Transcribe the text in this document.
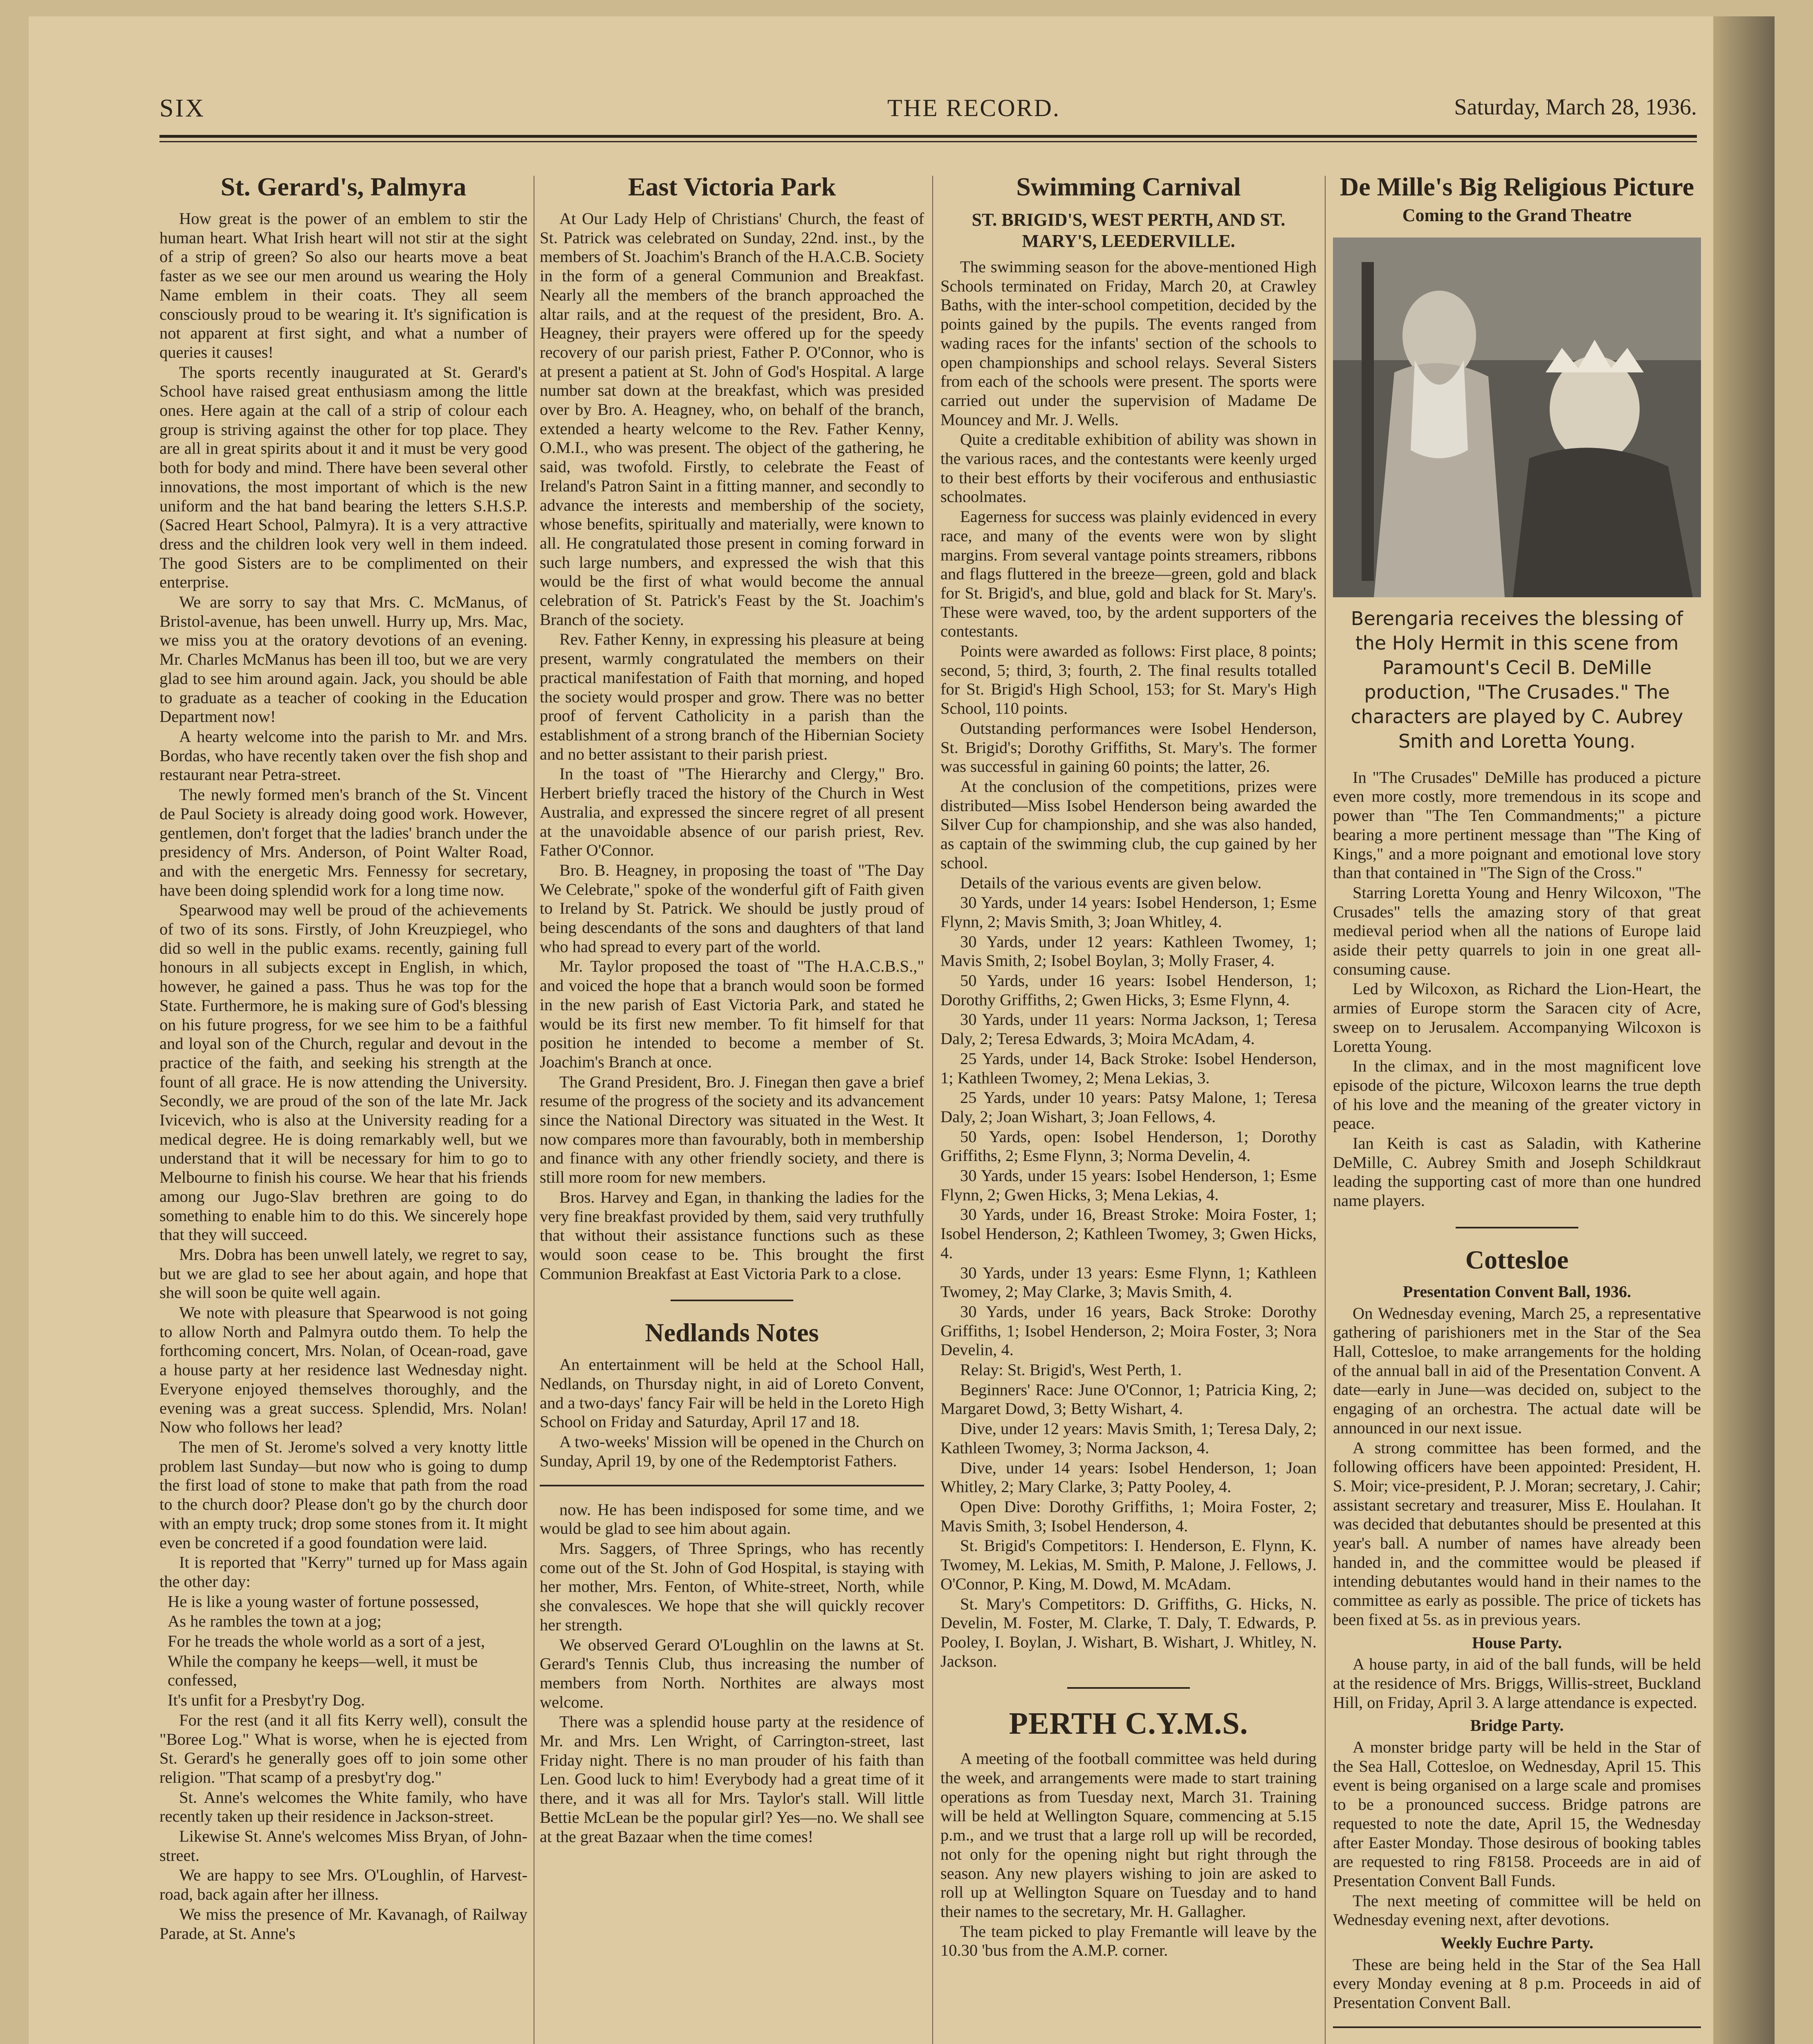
SIX	THE RECORD.	Saturday, March 28, 1936.
St. Gerard's, Palmyra

How great is the power of an emblem to stir the human heart. What Irish heart will not stir at the sight of a strip of green? So also our hearts move a beat faster as we see our men around us wearing the Holy Name emblem in their coats. They all seem consciously proud to be wearing it. It's signification is not apparent at first sight, and what a number of queries it causes!

The sports recently inaugurated at St. Gerard's School have raised great enthusiasm among the little ones. Here again at the call of a strip of colour each group is striving against the other for top place. They are all in great spirits about it and it must be very good both for body and mind. There have been several other innovations, the most important of which is the new uniform and the hat band bearing the letters S.H.S.P. (Sacred Heart School, Palmyra). It is a very attractive dress and the children look very well in them indeed. The good Sisters are to be complimented on their enterprise.

We are sorry to say that Mrs. C. McManus, of Bristol-avenue, has been unwell. Hurry up, Mrs. Mac, we miss you at the oratory devotions of an evening. Mr. Charles McManus has been ill too, but we are very glad to see him around again. Jack, you should be able to graduate as a teacher of cooking in the Education Department now!

A hearty welcome into the parish to Mr. and Mrs. Bordas, who have recently taken over the fish shop and restaurant near Petra-street.

The newly formed men's branch of the St. Vincent de Paul Society is already doing good work. However, gentlemen, don't forget that the ladies' branch under the presidency of Mrs. Anderson, of Point Walter Road, and with the energetic Mrs. Fennessy for secretary, have been doing splendid work for a long time now.

Spearwood may well be proud of the achievements of two of its sons. Firstly, of John Kreuzpiegel, who did so well in the public exams. recently, gaining full honours in all subjects except in English, in which, however, he gained a pass. Thus he was top for the State. Furthermore, he is making sure of God's blessing on his future progress, for we see him to be a faithful and loyal son of the Church, regular and devout in the practice of the faith, and seeking his strength at the fount of all grace. He is now attending the University. Secondly, we are proud of the son of the late Mr. Jack Ivicevich, who is also at the University reading for a medical degree. He is doing remarkably well, but we understand that it will be necessary for him to go to Melbourne to finish his course. We hear that his friends among our Jugo-Slav brethren are going to do something to enable him to do this. We sincerely hope that they will succeed.

Mrs. Dobra has been unwell lately, we regret to say, but we are glad to see her about again, and hope that she will soon be quite well again.

We note with pleasure that Spearwood is not going to allow North and Palmyra outdo them. To help the forthcoming concert, Mrs. Nolan, of Ocean-road, gave a house party at her residence last Wednesday night. Everyone enjoyed themselves thoroughly, and the evening was a great success. Splendid, Mrs. Nolan! Now who follows her lead?

The men of St. Jerome's solved a very knotty little problem last Sunday—but now who is going to dump the first load of stone to make that path from the road to the church door? Please don't go by the church door with an empty truck; drop some stones from it. It might even be concreted if a good foundation were laid.

It is reported that "Kerry" turned up for Mass again the other day:

He is like a young waster of fortune possessed,

As he rambles the town at a jog;

For he treads the whole world as a sort of a jest,

While the company he keeps—well, it must be confessed,

It's unfit for a Presbyt'ry Dog.

For the rest (and it all fits Kerry well), consult the "Boree Log." What is worse, when he is ejected from St. Gerard's he generally goes off to join some other religion. "That scamp of a presbyt'ry dog."

St. Anne's welcomes the White family, who have recently taken up their residence in Jackson-street.

Likewise St. Anne's welcomes Miss Bryan, of John-street.

We are happy to see Mrs. O'Loughlin, of Harvest-road, back again after her illness.

We miss the presence of Mr. Kavanagh, of Railway Parade, at St. Anne's

East Victoria Park

At Our Lady Help of Christians' Church, the feast of St. Patrick was celebrated on Sunday, 22nd. inst., by the members of St. Joachim's Branch of the H.A.C.B. Society in the form of a general Communion and Breakfast. Nearly all the members of the branch approached the altar rails, and at the request of the president, Bro. A. Heagney, their prayers were offered up for the speedy recovery of our parish priest, Father P. O'Connor, who is at present a patient at St. John of God's Hospital. A large number sat down at the breakfast, which was presided over by Bro. A. Heagney, who, on behalf of the branch, extended a hearty welcome to the Rev. Father Kenny, O.M.I., who was present. The object of the gathering, he said, was twofold. Firstly, to celebrate the Feast of Ireland's Patron Saint in a fitting manner, and secondly to advance the interests and membership of the society, whose benefits, spiritually and materially, were known to all. He congratulated those present in coming forward in such large numbers, and expressed the wish that this would be the first of what would become the annual celebration of St. Patrick's Feast by the St. Joachim's Branch of the society.

Rev. Father Kenny, in expressing his pleasure at being present, warmly congratulated the members on their practical manifestation of Faith that morning, and hoped the society would prosper and grow. There was no better proof of fervent Catholicity in a parish than the establishment of a strong branch of the Hibernian Society and no better assistant to their parish priest.

In the toast of "The Hierarchy and Clergy," Bro. Herbert briefly traced the history of the Church in West Australia, and expressed the sincere regret of all present at the unavoidable absence of our parish priest, Rev. Father O'Connor.

Bro. B. Heagney, in proposing the toast of "The Day We Celebrate," spoke of the wonderful gift of Faith given to Ireland by St. Patrick. We should be justly proud of being descendants of the sons and daughters of that land who had spread to every part of the world.

Mr. Taylor proposed the toast of "The H.A.C.B.S.," and voiced the hope that a branch would soon be formed in the new parish of East Victoria Park, and stated he would be its first new member. To fit himself for that position he intended to become a member of St. Joachim's Branch at once.

The Grand President, Bro. J. Finegan then gave a brief resume of the progress of the society and its advancement since the National Directory was situated in the West. It now compares more than favourably, both in membership and finance with any other friendly society, and there is still more room for new members.

Bros. Harvey and Egan, in thanking the ladies for the very fine breakfast provided by them, said very truthfully that without their assistance functions such as these would soon cease to be. This brought the first Communion Breakfast at East Victoria Park to a close.

Nedlands Notes

An entertainment will be held at the School Hall, Nedlands, on Thursday night, in aid of Loreto Convent, and a two-days' fancy Fair will be held in the Loreto High School on Friday and Saturday, April 17 and 18.

A two-weeks' Mission will be opened in the Church on Sunday, April 19, by one of the Redemptorist Fathers.

now. He has been indisposed for some time, and we would be glad to see him about again.

Mrs. Saggers, of Three Springs, who has recently come out of the St. John of God Hospital, is staying with her mother, Mrs. Fenton, of White-street, North, while she convalesces. We hope that she will quickly recover her strength.

We observed Gerard O'Loughlin on the lawns at St. Gerard's Tennis Club, thus increasing the number of members from North. Northites are always most welcome.

There was a splendid house party at the residence of Mr. and Mrs. Len Wright, of Carrington-street, last Friday night. There is no man prouder of his faith than Len. Good luck to him! Everybody had a great time of it there, and it was all for Mrs. Taylor's stall. Will little Bettie McLean be the popular girl? Yes—no. We shall see at the great Bazaar when the time comes!

Swimming Carnival
ST. BRIGID'S, WEST PERTH, AND ST. MARY'S, LEEDERVILLE.

The swimming season for the above-mentioned High Schools terminated on Friday, March 20, at Crawley Baths, with the inter-school competition, decided by the points gained by the pupils. The events ranged from wading races for the infants' section of the schools to open championships and school relays. Several Sisters from each of the schools were present. The sports were carried out under the supervision of Madame De Mouncey and Mr. J. Wells.

Quite a creditable exhibition of ability was shown in the various races, and the contestants were keenly urged to their best efforts by their vociferous and enthusiastic schoolmates.

Eagerness for success was plainly evidenced in every race, and many of the events were won by slight margins. From several vantage points streamers, ribbons and flags fluttered in the breeze—green, gold and black for St. Brigid's, and blue, gold and black for St. Mary's. These were waved, too, by the ardent supporters of the contestants.

Points were awarded as follows: First place, 8 points; second, 5; third, 3; fourth, 2. The final results totalled for St. Brigid's High School, 153; for St. Mary's High School, 110 points.

Outstanding performances were Isobel Henderson, St. Brigid's; Dorothy Griffiths, St. Mary's. The former was successful in gaining 60 points; the latter, 26.

At the conclusion of the competitions, prizes were distributed—Miss Isobel Henderson being awarded the Silver Cup for championship, and she was also handed, as captain of the swimming club, the cup gained by her school.

Details of the various events are given below.

30 Yards, under 14 years: Isobel Henderson, 1; Esme Flynn, 2; Mavis Smith, 3; Joan Whitley, 4.

30 Yards, under 12 years: Kathleen Twomey, 1; Mavis Smith, 2; Isobel Boylan, 3; Molly Fraser, 4.

50 Yards, under 16 years: Isobel Henderson, 1; Dorothy Griffiths, 2; Gwen Hicks, 3; Esme Flynn, 4.

30 Yards, under 11 years: Norma Jackson, 1; Teresa Daly, 2; Teresa Edwards, 3; Moira McAdam, 4.

25 Yards, under 14, Back Stroke: Isobel Henderson, 1; Kathleen Twomey, 2; Mena Lekias, 3.

25 Yards, under 10 years: Patsy Malone, 1; Teresa Daly, 2; Joan Wishart, 3; Joan Fellows, 4.

50 Yards, open: Isobel Henderson, 1; Dorothy Griffiths, 2; Esme Flynn, 3; Norma Develin, 4.

30 Yards, under 15 years: Isobel Henderson, 1; Esme Flynn, 2; Gwen Hicks, 3; Mena Lekias, 4.

30 Yards, under 16, Breast Stroke: Moira Foster, 1; Isobel Henderson, 2; Kathleen Twomey, 3; Gwen Hicks, 4.

30 Yards, under 13 years: Esme Flynn, 1; Kathleen Twomey, 2; May Clarke, 3; Mavis Smith, 4.

30 Yards, under 16 years, Back Stroke: Dorothy Griffiths, 1; Isobel Henderson, 2; Moira Foster, 3; Nora Develin, 4.

Relay: St. Brigid's, West Perth, 1.

Beginners' Race: June O'Connor, 1; Patricia King, 2; Margaret Dowd, 3; Betty Wishart, 4.

Dive, under 12 years: Mavis Smith, 1; Teresa Daly, 2; Kathleen Twomey, 3; Norma Jackson, 4.

Dive, under 14 years: Isobel Henderson, 1; Joan Whitley, 2; Mary Clarke, 3; Patty Pooley, 4.

Open Dive: Dorothy Griffiths, 1; Moira Foster, 2; Mavis Smith, 3; Isobel Henderson, 4.

St. Brigid's Competitors: I. Henderson, E. Flynn, K. Twomey, M. Lekias, M. Smith, P. Malone, J. Fellows, J. O'Connor, P. King, M. Dowd, M. McAdam.

St. Mary's Competitors: D. Griffiths, G. Hicks, N. Develin, M. Foster, M. Clarke, T. Daly, T. Edwards, P. Pooley, I. Boylan, J. Wishart, B. Wishart, J. Whitley, N. Jackson.

PERTH C.Y.M.S.

A meeting of the football committee was held during the week, and arrangements were made to start training operations as from Tuesday next, March 31. Training will be held at Wellington Square, commencing at 5.15 p.m., and we trust that a large roll up will be recorded, not only for the opening night but right through the season. Any new players wishing to join are asked to roll up at Wellington Square on Tuesday and to hand their names to the secretary, Mr. H. Gallagher.

The team picked to play Fremantle will leave by the 10.30 'bus from the A.M.P. corner.

De Mille's Big Religious Picture
Coming to the Grand Theatre
Berengaria receives the blessing of the Holy Hermit in this scene from Paramount's Cecil B. DeMille production, "The Crusades." The characters are played by C. Aubrey Smith and Loretta Young.

In "The Crusades" DeMille has produced a picture even more costly, more tremendous in its scope and power than "The Ten Commandments;" a picture bearing a more pertinent message than "The King of Kings," and a more poignant and emotional love story than that contained in "The Sign of the Cross."

Starring Loretta Young and Henry Wilcoxon, "The Crusades" tells the amazing story of that great medieval period when all the nations of Europe laid aside their petty quarrels to join in one great all-consuming cause.

Led by Wilcoxon, as Richard the Lion-Heart, the armies of Europe storm the Saracen city of Acre, sweep on to Jerusalem. Accompanying Wilcoxon is Loretta Young.

In the climax, and in the most magnificent love episode of the picture, Wilcoxon learns the true depth of his love and the meaning of the greater victory in peace.

Ian Keith is cast as Saladin, with Katherine DeMille, C. Aubrey Smith and Joseph Schildkraut leading the supporting cast of more than one hundred name players.

Cottesloe
Presentation Convent Ball, 1936.

On Wednesday evening, March 25, a representative gathering of parishioners met in the Star of the Sea Hall, Cottesloe, to make arrangements for the holding of the annual ball in aid of the Presentation Convent. A date—early in June—was decided on, subject to the engaging of an orchestra. The actual date will be announced in our next issue.

A strong committee has been formed, and the following officers have been appointed: President, H. S. Moir; vice-president, P. J. Moran; secretary, J. Cahir; assistant secretary and treasurer, Miss E. Houlahan. It was decided that debutantes should be presented at this year's ball. A number of names have already been handed in, and the committee would be pleased if intending debutantes would hand in their names to the committee as early as possible. The price of tickets has been fixed at 5s. as in previous years.

House Party.

A house party, in aid of the ball funds, will be held at the residence of Mrs. Briggs, Willis-street, Buckland Hill, on Friday, April 3. A large attendance is expected.

Bridge Party.

A monster bridge party will be held in the Star of the Sea Hall, Cottesloe, on Wednesday, April 15. This event is being organised on a large scale and promises to be a pronounced success. Bridge patrons are requested to note the date, April 15, the Wednesday after Easter Monday. Those desirous of booking tables are requested to ring F8158. Proceeds are in aid of Presentation Convent Ball Funds.

The next meeting of committee will be held on Wednesday evening next, after devotions.

Weekly Euchre Party.

These are being held in the Star of the Sea Hall every Monday evening at 8 p.m. Proceeds in aid of Presentation Convent Ball.
